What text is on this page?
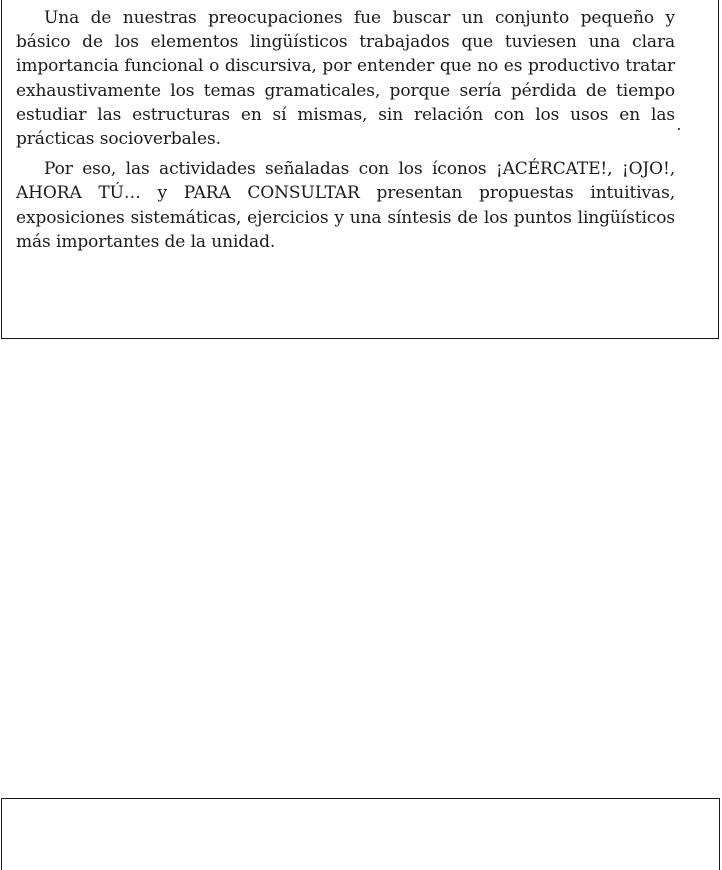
Una de nuestras preocupaciones fue buscar un conjunto pequeño y básico de los elementos lingüísticos trabajados que tuviesen una clara importancia funcional o discursiva, por entender que no es productivo tratar exhaustivamente los temas gramaticales, porque sería pérdida de tiempo estudiar las estructuras en sí mismas, sin relación con los usos en las prácticas socioverbales.

Por eso, las actividades señaladas con los íconos ¡ACÉRCATE!, ¡OJO!, AHORA TÚ… y PARA CONSULTAR presentan propuestas intuitivas, exposiciones sistemáticas, ejercicios y una síntesis de los puntos lingüísticos más importantes de la unidad.
